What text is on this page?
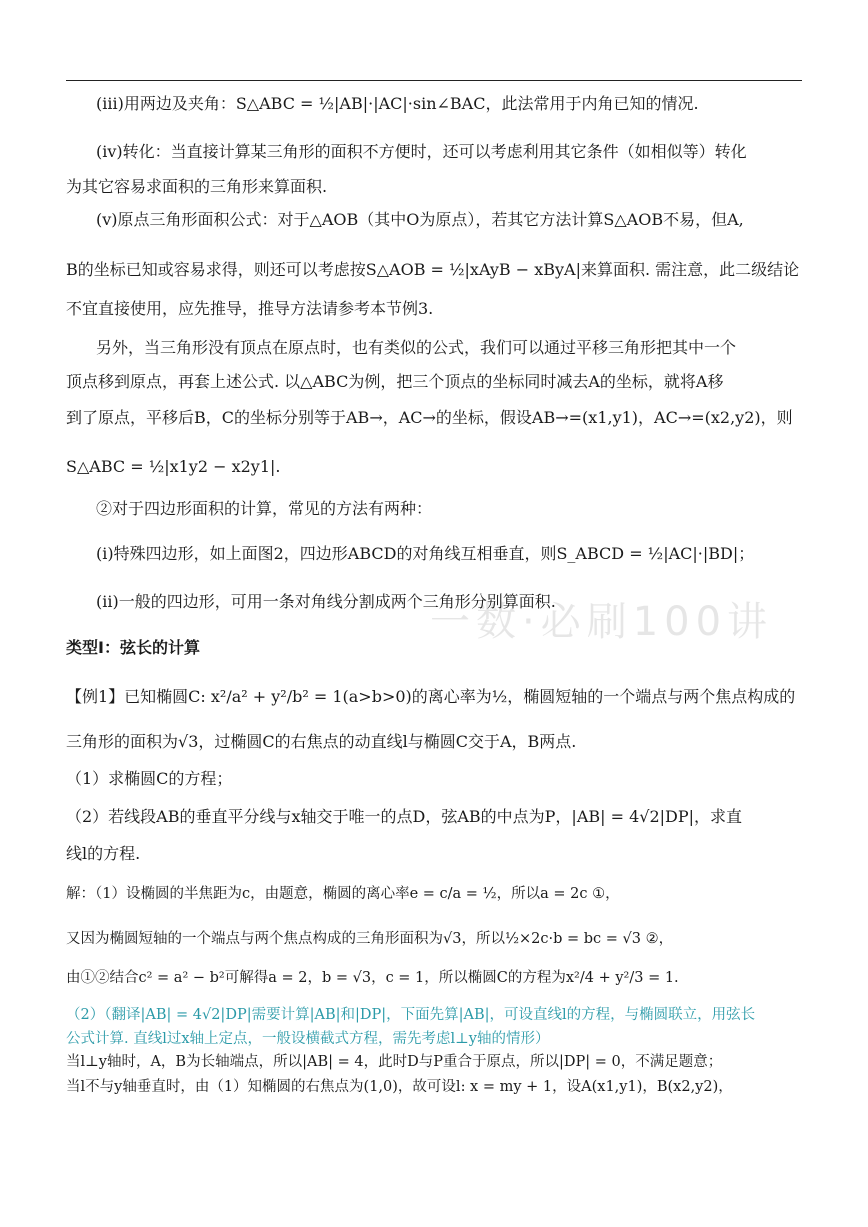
一数·必刷100讲
(iii)用两边及夹角：S△ABC = ½|AB|·|AC|·sin∠BAC，此法常用于内角已知的情况.
(iv)转化：当直接计算某三角形的面积不方便时，还可以考虑利用其它条件（如相似等）转化
为其它容易求面积的三角形来算面积.
(v)原点三角形面积公式：对于△AOB（其中O为原点），若其它方法计算S△AOB不易，但A,
B的坐标已知或容易求得，则还可以考虑按S△AOB = ½|xAyB − xByA|来算面积. 需注意，此二级结论
不宜直接使用，应先推导，推导方法请参考本节例3.
另外，当三角形没有顶点在原点时，也有类似的公式，我们可以通过平移三角形把其中一个
顶点移到原点，再套上述公式. 以△ABC为例，把三个顶点的坐标同时减去A的坐标，就将A移
到了原点，平移后B，C的坐标分别等于AB→，AC→的坐标，假设AB→=(x1,y1)，AC→=(x2,y2)，则
S△ABC = ½|x1y2 − x2y1|.
②对于四边形面积的计算，常见的方法有两种：
(i)特殊四边形，如上面图2，四边形ABCD的对角线互相垂直，则S_ABCD = ½|AC|·|BD|；
(ii)一般的四边形，可用一条对角线分割成两个三角形分别算面积.
类型Ⅰ：弦长的计算
【例1】已知椭圆C: x²/a² + y²/b² = 1(a>b>0)的离心率为½，椭圆短轴的一个端点与两个焦点构成的
三角形的面积为√3，过椭圆C的右焦点的动直线l与椭圆C交于A，B两点.
（1）求椭圆C的方程；
（2）若线段AB的垂直平分线与x轴交于唯一的点D，弦AB的中点为P，|AB| = 4√2|DP|，求直
线l的方程.
解：（1）设椭圆的半焦距为c，由题意，椭圆的离心率e = c/a = ½，所以a = 2c ①，
又因为椭圆短轴的一个端点与两个焦点构成的三角形面积为√3，所以½×2c·b = bc = √3 ②，
由①②结合c² = a² − b²可解得a = 2，b = √3，c = 1，所以椭圆C的方程为x²/4 + y²/3 = 1.
（2）（翻译|AB| = 4√2|DP|需要计算|AB|和|DP|，下面先算|AB|，可设直线l的方程，与椭圆联立，用弦长
公式计算. 直线l过x轴上定点，一般设横截式方程，需先考虑l⊥y轴的情形）
当l⊥y轴时，A，B为长轴端点，所以|AB| = 4，此时D与P重合于原点，所以|DP| = 0，不满足题意；
当l不与y轴垂直时，由（1）知椭圆的右焦点为(1,0)，故可设l: x = my + 1，设A(x1,y1)，B(x2,y2)，
